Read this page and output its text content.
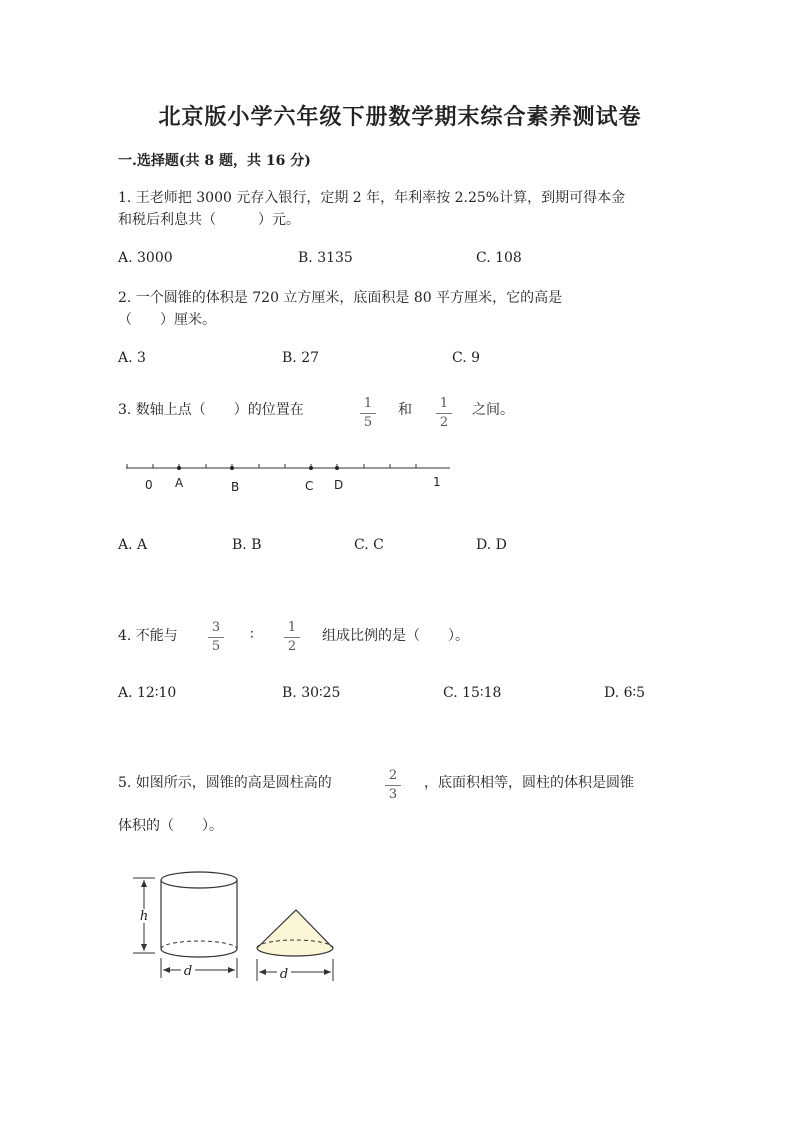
北京版小学六年级下册数学期末综合素养测试卷
一.选择题(共 8 题，共 16 分)
1. 王老师把 3000 元存入银行，定期 2 年，年利率按 2.25%计算，到期可得本金
和税后利息共（　　　）元。
A. 3000	B. 3135	C. 108
2. 一个圆锥的体积是 720 立方厘米，底面积是 80 平方厘米，它的高是
（　　）厘米。
A. 3	B. 27	C. 9
3. 数轴上点（　　）的位置在	1
5
和	1
2
之间。
0 A	B	C D	1
A. A	B. B	C. C	D. D
4. 不能与
3
5
∶	1
2
组成比例的是（　　）。
A. 12∶10	B. 30∶25	C. 15∶18	D. 6∶5
5. 如图所示，圆锥的高是圆柱高的	2
3
，底面积相等，圆柱的体积是圆锥
体积的（　　）。
h
d	d
